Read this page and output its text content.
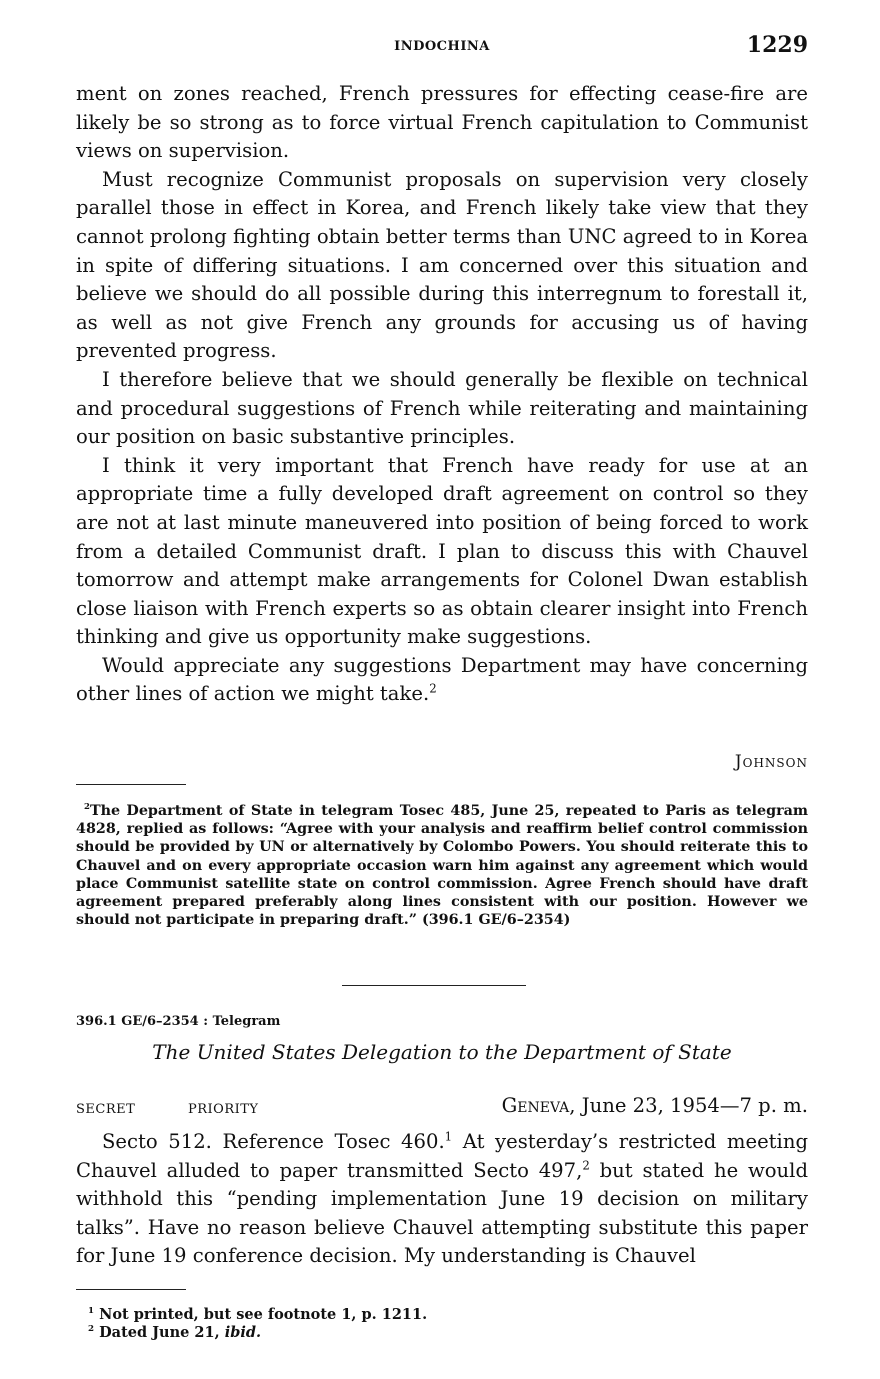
INDOCHINA	1229

ment on zones reached, French pressures for effecting cease-fire are likely be so strong as to force virtual French capitulation to Communist views on supervision.

Must recognize Communist proposals on supervision very closely parallel those in effect in Korea, and French likely take view that they cannot prolong fighting obtain better terms than UNC agreed to in Korea in spite of differing situations. I am concerned over this situation and believe we should do all possible during this interregnum to forestall it, as well as not give French any grounds for accusing us of having prevented progress.

I therefore believe that we should generally be flexible on technical and procedural suggestions of French while reiterating and maintaining our position on basic substantive principles.

I think it very important that French have ready for use at an appropriate time a fully developed draft agreement on control so they are not at last minute maneuvered into position of being forced to work from a detailed Communist draft. I plan to discuss this with Chauvel tomorrow and attempt make arrangements for Colonel Dwan establish close liaison with French experts so as obtain clearer insight into French thinking and give us opportunity make suggestions.

Would appreciate any suggestions Department may have concerning other lines of action we might take.$^2$

Johnson

$^2$The Department of State in telegram Tosec 485, June 25, repeated to Paris as telegram 4828, replied as follows: “Agree with your analysis and reaffirm belief control commission should be provided by UN or alternatively by Colombo Powers. You should reiterate this to Chauvel and on every appropriate occasion warn him against any agreement which would place Communist satellite state on control commission. Agree French should have draft agreement prepared preferably along lines consistent with our position. However we should not participate in preparing draft.” (396.1 GE/6–2354)

396.1 GE/6–2354 : Telegram
The United States Delegation to the Department of State
SECRET	PRIORITY	Geneva, June 23, 1954—7 p. m.

Secto 512. Reference Tosec 460.$^1$ At yesterday’s restricted meeting Chauvel alluded to paper transmitted Secto 497,$^2$ but stated he would withhold this “pending implementation June 19 decision on military talks”. Have no reason believe Chauvel attempting substitute this paper for June 19 conference decision. My understanding is Chauvel

$^1$ Not printed, but see footnote 1, p. 1211.
$^2$ Dated June 21, ibid.
